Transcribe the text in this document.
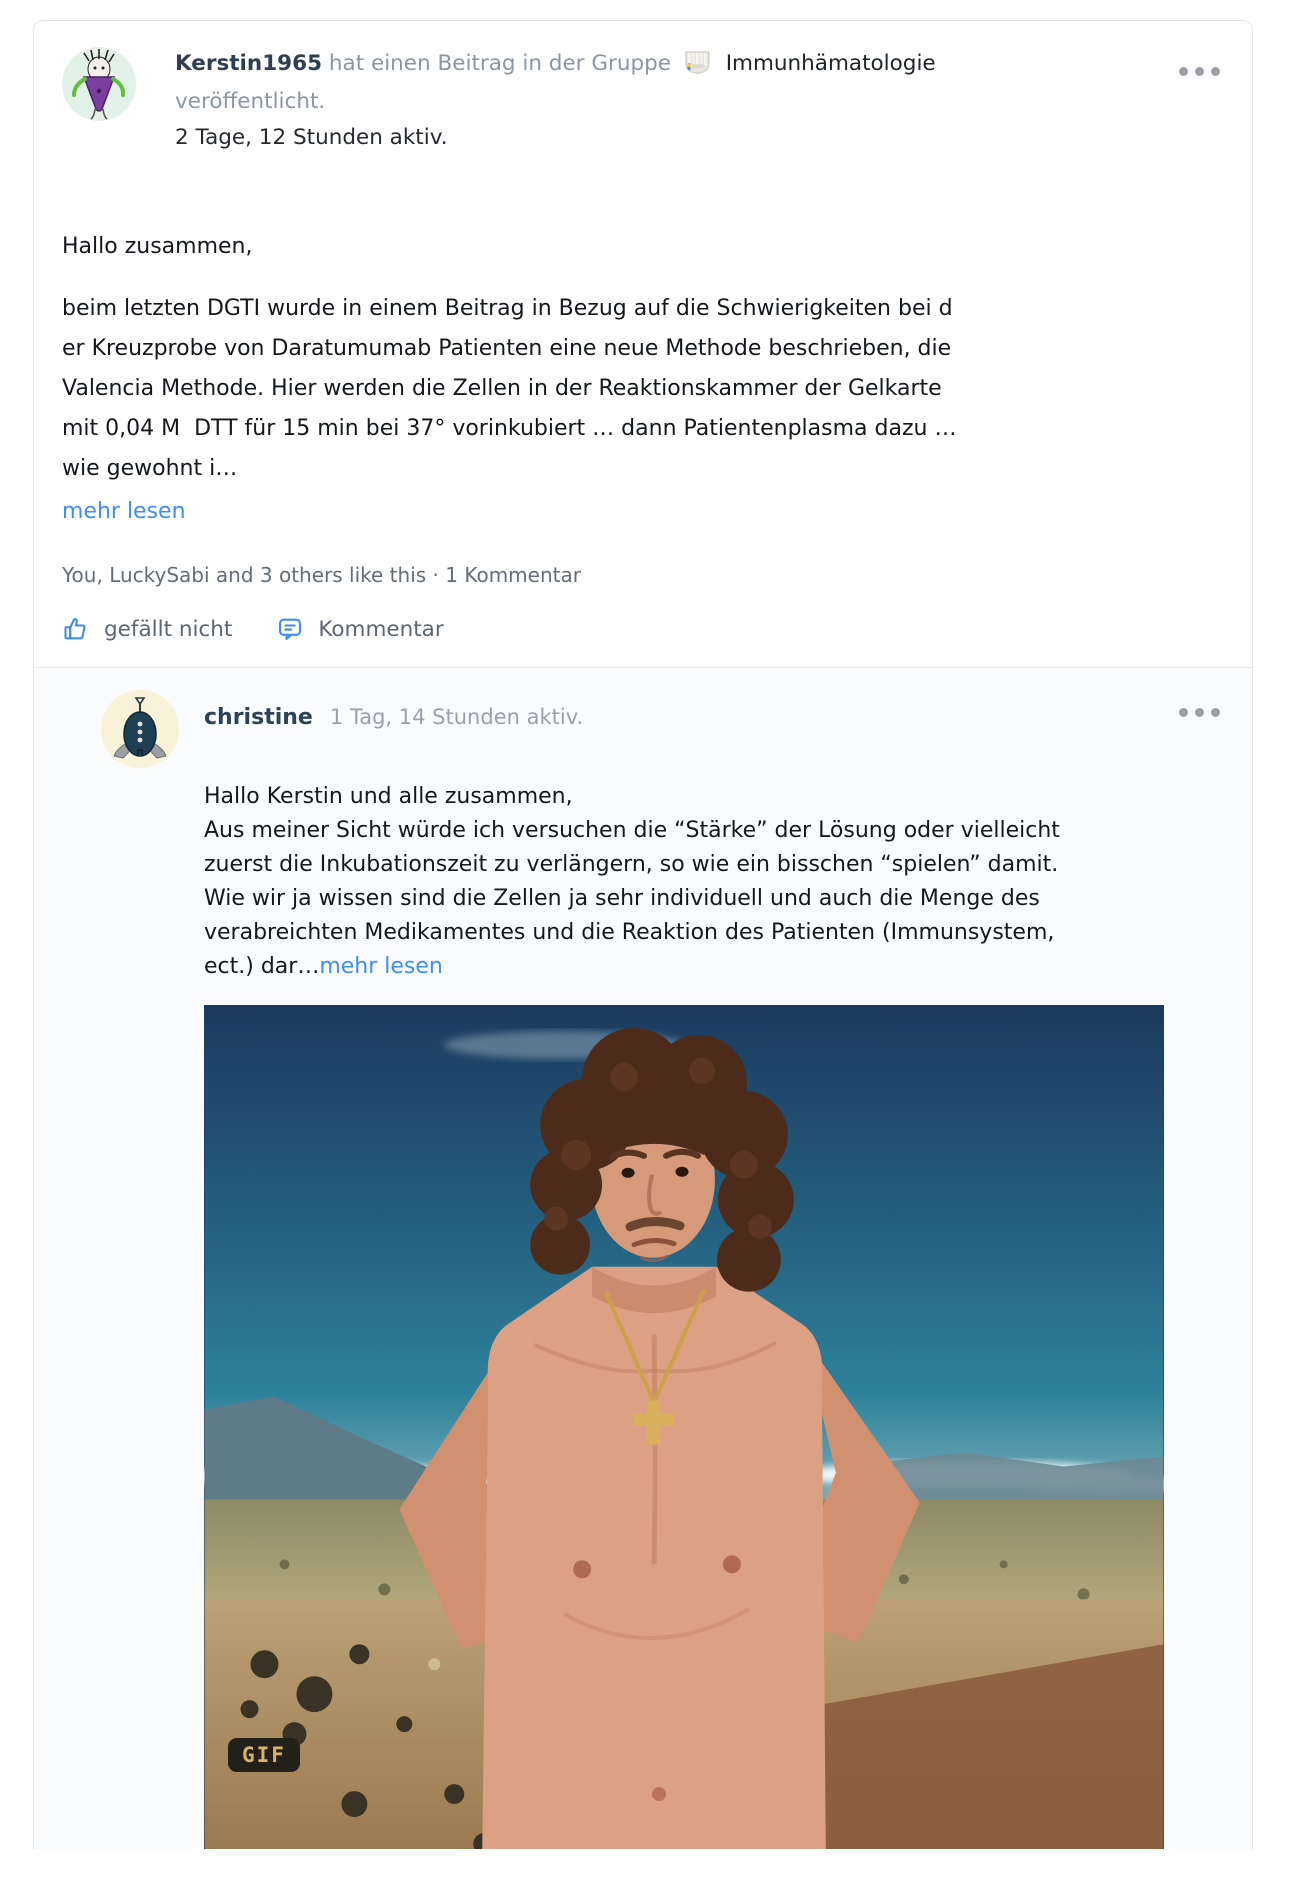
Kerstin1965 hat einen Beitrag in der Gruppe	Immunhämatologie
veröffentlicht.
2 Tage, 12 Stunden aktiv.
Hallo zusammen,
beim letzten DGTI wurde in einem Beitrag in Bezug auf die Schwierigkeiten bei d
er Kreuzprobe von Daratumumab Patienten eine neue Methode beschrieben, die
Valencia Methode. Hier werden die Zellen in der Reaktionskammer der Gelkarte
mit 0,04 M  DTT für 15 min bei 37° vorinkubiert … dann Patientenplasma dazu …
wie gewohnt i…
mehr lesen
You, LuckySabi and 3 others like this · 1 Kommentar
gefällt nicht	Kommentar
christine 1 Tag, 14 Stunden aktiv.
Hallo Kerstin und alle zusammen,
Aus meiner Sicht würde ich versuchen die “Stärke” der Lösung oder vielleicht
zuerst die Inkubationszeit zu verlängern, so wie ein bisschen “spielen” damit.
Wie wir ja wissen sind die Zellen ja sehr individuell und auch die Menge des
verabreichten Medikamentes und die Reaktion des Patienten (Immunsystem,
ect.) dar…mehr lesen
GIF
